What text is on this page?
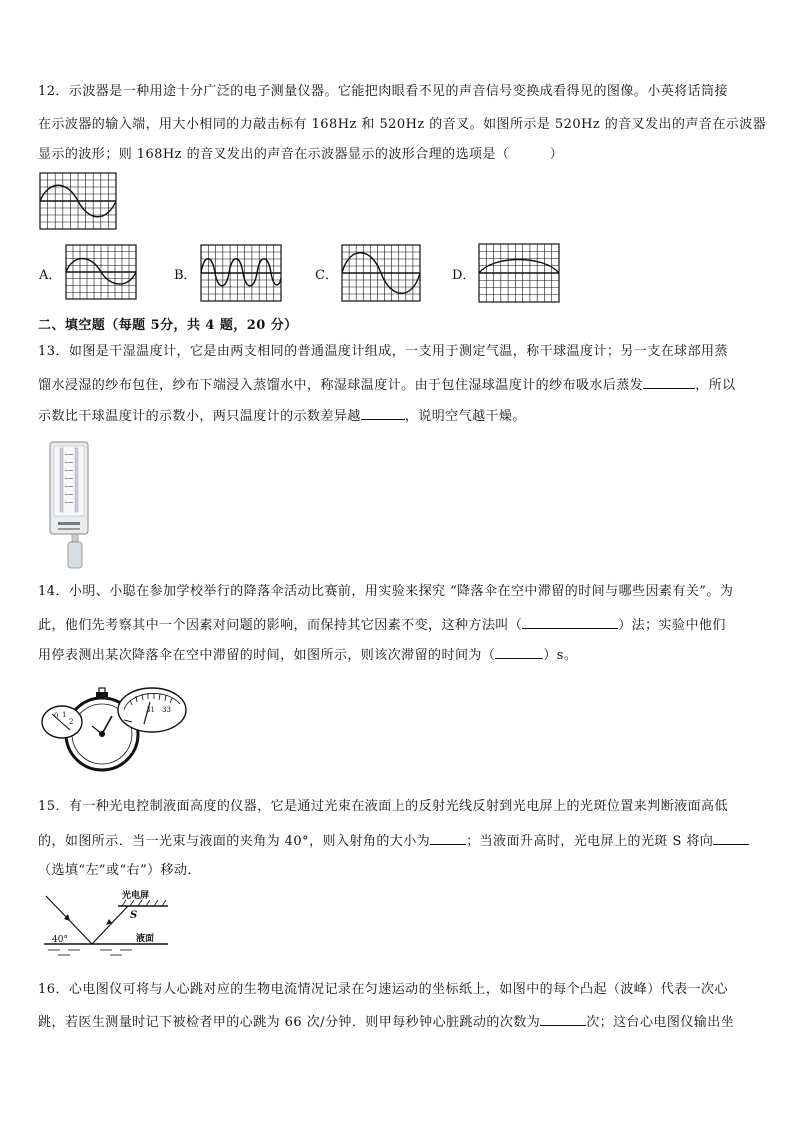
12．示波器是一种用途十分广泛的电子测量仪器。它能把肉眼看不见的声音信号变换成看得见的图像。小英将话筒接
在示波器的输入端，用大小相同的力敲击标有 168Hz 和 520Hz 的音叉。如图所示是 520Hz 的音叉发出的声音在示波器
显示的波形；则 168Hz 的音叉发出的声音在示波器显示的波形合理的选项是（　　　）
A．	B．	C．	D．
二、填空题（每题 5分，共 4 题，20 分）
13．如图是干湿温度计，它是由两支相同的普通温度计组成，一支用于测定气温，称干球温度计；另一支在球部用蒸
馏水浸湿的纱布包住，纱布下端浸入蒸馏水中，称湿球温度计。由于包住湿球温度计的纱布吸水后蒸发	，所以
示数比干球温度计的示数小，两只温度计的示数差异越	，说明空气越干燥。
14．小明、小聪在参加学校举行的降落伞活动比赛前，用实验来探究 “降落伞在空中滞留的时间与哪些因素有关”。为
此，他们先考察其中一个因素对问题的影响，而保持其它因素不变，这种方法叫（	）法；实验中他们
用停表测出某次降落伞在空中滞留的时间，如图所示，则该次滞留的时间为（	）s。
0 1
2
31 33
15．有一种光电控制液面高度的仪器，它是通过光束在液面上的反射光线反射到光电屏上的光斑位置来判断液面高低
的，如图所示．当一光束与液面的夹角为 40°，则入射角的大小为	；当液面升高时，光电屏上的光斑 S 将向
（选填“左”或“右”）移动．
光电屏
S
40°	液面
16．心电图仪可将与人心跳对应的生物电流情况记录在匀速运动的坐标纸上，如图中的每个凸起（波峰）代表一次心
跳，若医生测量时记下被检者甲的心跳为 66 次/分钟．则甲每秒钟心脏跳动的次数为	次；这台心电图仪输出坐
